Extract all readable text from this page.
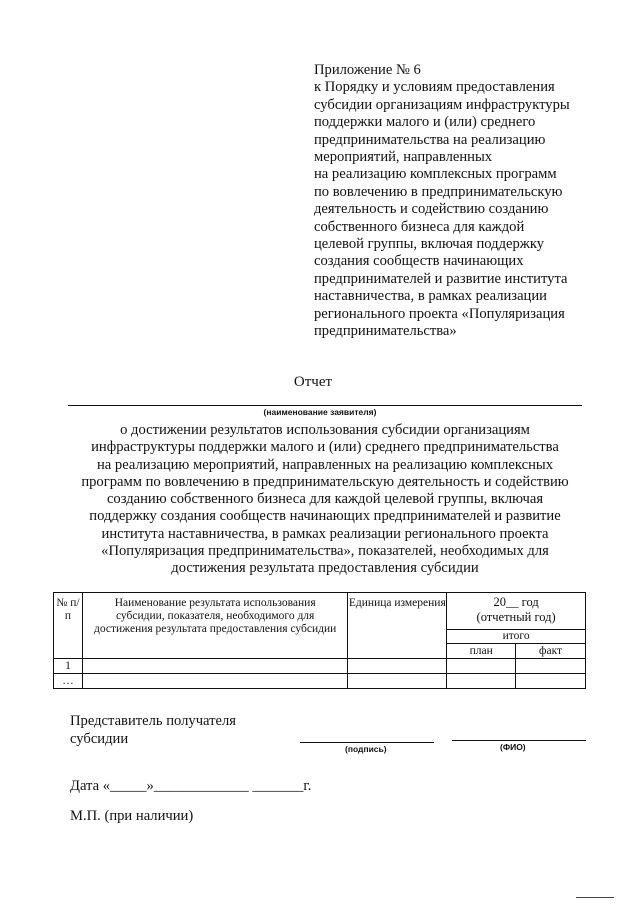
Приложение № 6
к Порядку и условиям предоставления
субсидии организациям инфраструктуры
поддержки малого и (или) среднего
предпринимательства на реализацию
мероприятий, направленных
на реализацию комплексных программ
по вовлечению в предпринимательскую
деятельность и содействию созданию
собственного бизнеса для каждой
целевой группы, включая поддержку
создания сообществ начинающих
предпринимателей и развитие института
наставничества, в рамках реализации
регионального проекта «Популяризация
предпринимательства»
Отчет
(наименование заявителя)
о достижении результатов использования субсидии организациям
инфраструктуры поддержки малого и (или) среднего предпринимательства
на реализацию мероприятий, направленных на реализацию комплексных
программ по вовлечению в предпринимательскую деятельность и содействию
созданию собственного бизнеса для каждой целевой группы, включая
поддержку создания сообществ начинающих предпринимателей и развитие
института наставничества, в рамках реализации регионального проекта
«Популяризация предпринимательства», показателей, необходимых для
достижения результата предоставления субсидии
№ п/п	Наименование результата использования субсидии, показателя, необходимого для достижения результата предоставления субсидии	Единица измерения	20__ год
(отчетный год)	

			итого	
			план	факт
1				
…				
Представитель получателя
субсидии
(подпись)	(ФИО)
Дата «_____»_____________ _______г.
М.П. (при наличии)
